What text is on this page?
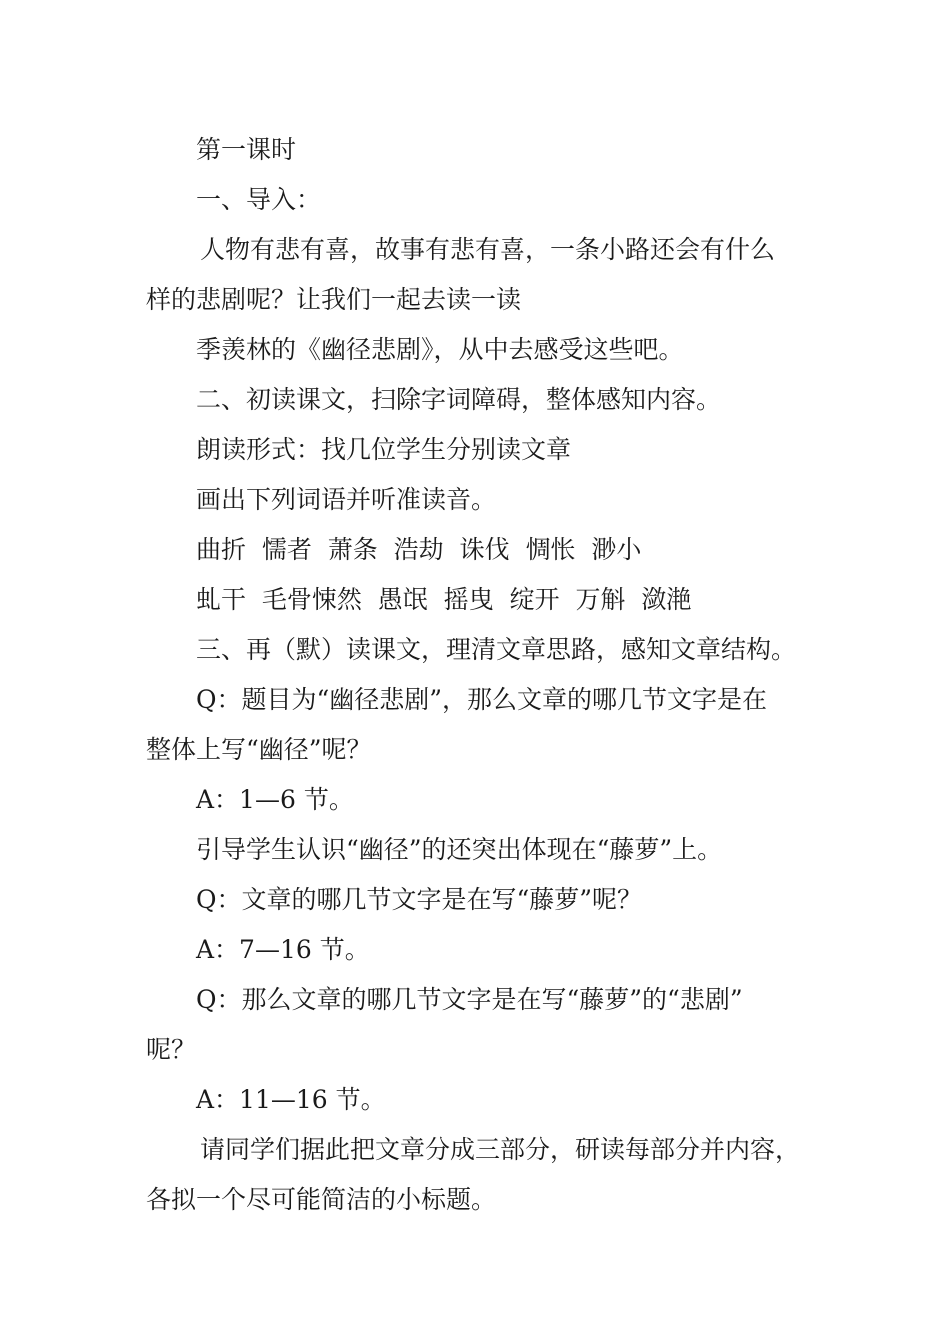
第一课时
一、导入：
人物有悲有喜，故事有悲有喜，一条小路还会有什么
样的悲剧呢？让我们一起去读一读
季羡林的《幽径悲剧》，从中去感受这些吧。
二、初读课文，扫除字词障碍，整体感知内容。
朗读形式：找几位学生分别读文章
画出下列词语并听准读音。
曲折  懦者  萧条  浩劫  诛伐  惆怅  渺小
虬干  毛骨悚然  愚氓  摇曳  绽开  万斛  潋滟
三、再（默）读课文，理清文章思路，感知文章结构。
Q：题目为“幽径悲剧”，那么文章的哪几节文字是在
整体上写“幽径”呢？
A：1—6 节。
引导学生认识“幽径”的还突出体现在“藤萝”上。
Q：文章的哪几节文字是在写“藤萝”呢？
A：7—16 节。
Q：那么文章的哪几节文字是在写“藤萝”的“悲剧”
呢？
A：11—16 节。
请同学们据此把文章分成三部分，研读每部分并内容，
各拟一个尽可能简洁的小标题。
